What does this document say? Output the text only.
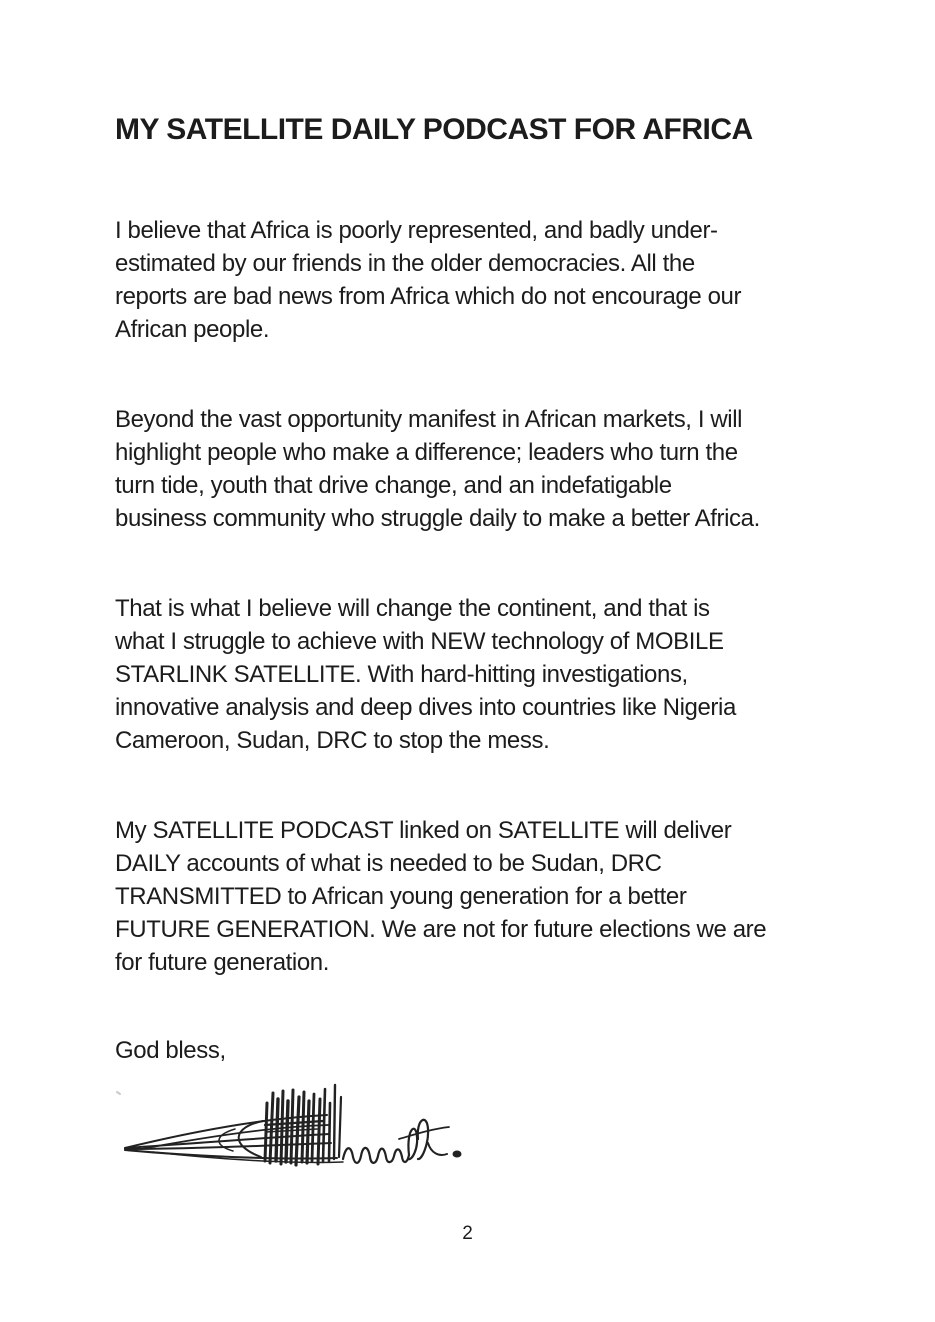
MY SATELLITE DAILY PODCAST FOR AFRICA

I believe that Africa is poorly represented, and badly under-
estimated by our friends in the older democracies. All the
reports are bad news from Africa which do not encourage our
African people.

Beyond the vast opportunity manifest in African markets, I will
highlight people who make a difference; leaders who turn the
turn tide, youth that drive change, and an indefatigable
business community who struggle daily to make a better Africa.

That is what I believe will change the continent, and that is
what I struggle to achieve with NEW technology of MOBILE
STARLINK SATELLITE. With hard-hitting investigations,
innovative analysis and deep dives into countries like Nigeria
Cameroon, Sudan, DRC to stop the mess.

My SATELLITE PODCAST linked on SATELLITE will deliver
DAILY accounts of what is needed to be Sudan, DRC
TRANSMITTED to African young generation for a better
FUTURE GENERATION. We are not for future elections we are
for future generation.

God bless,

2
